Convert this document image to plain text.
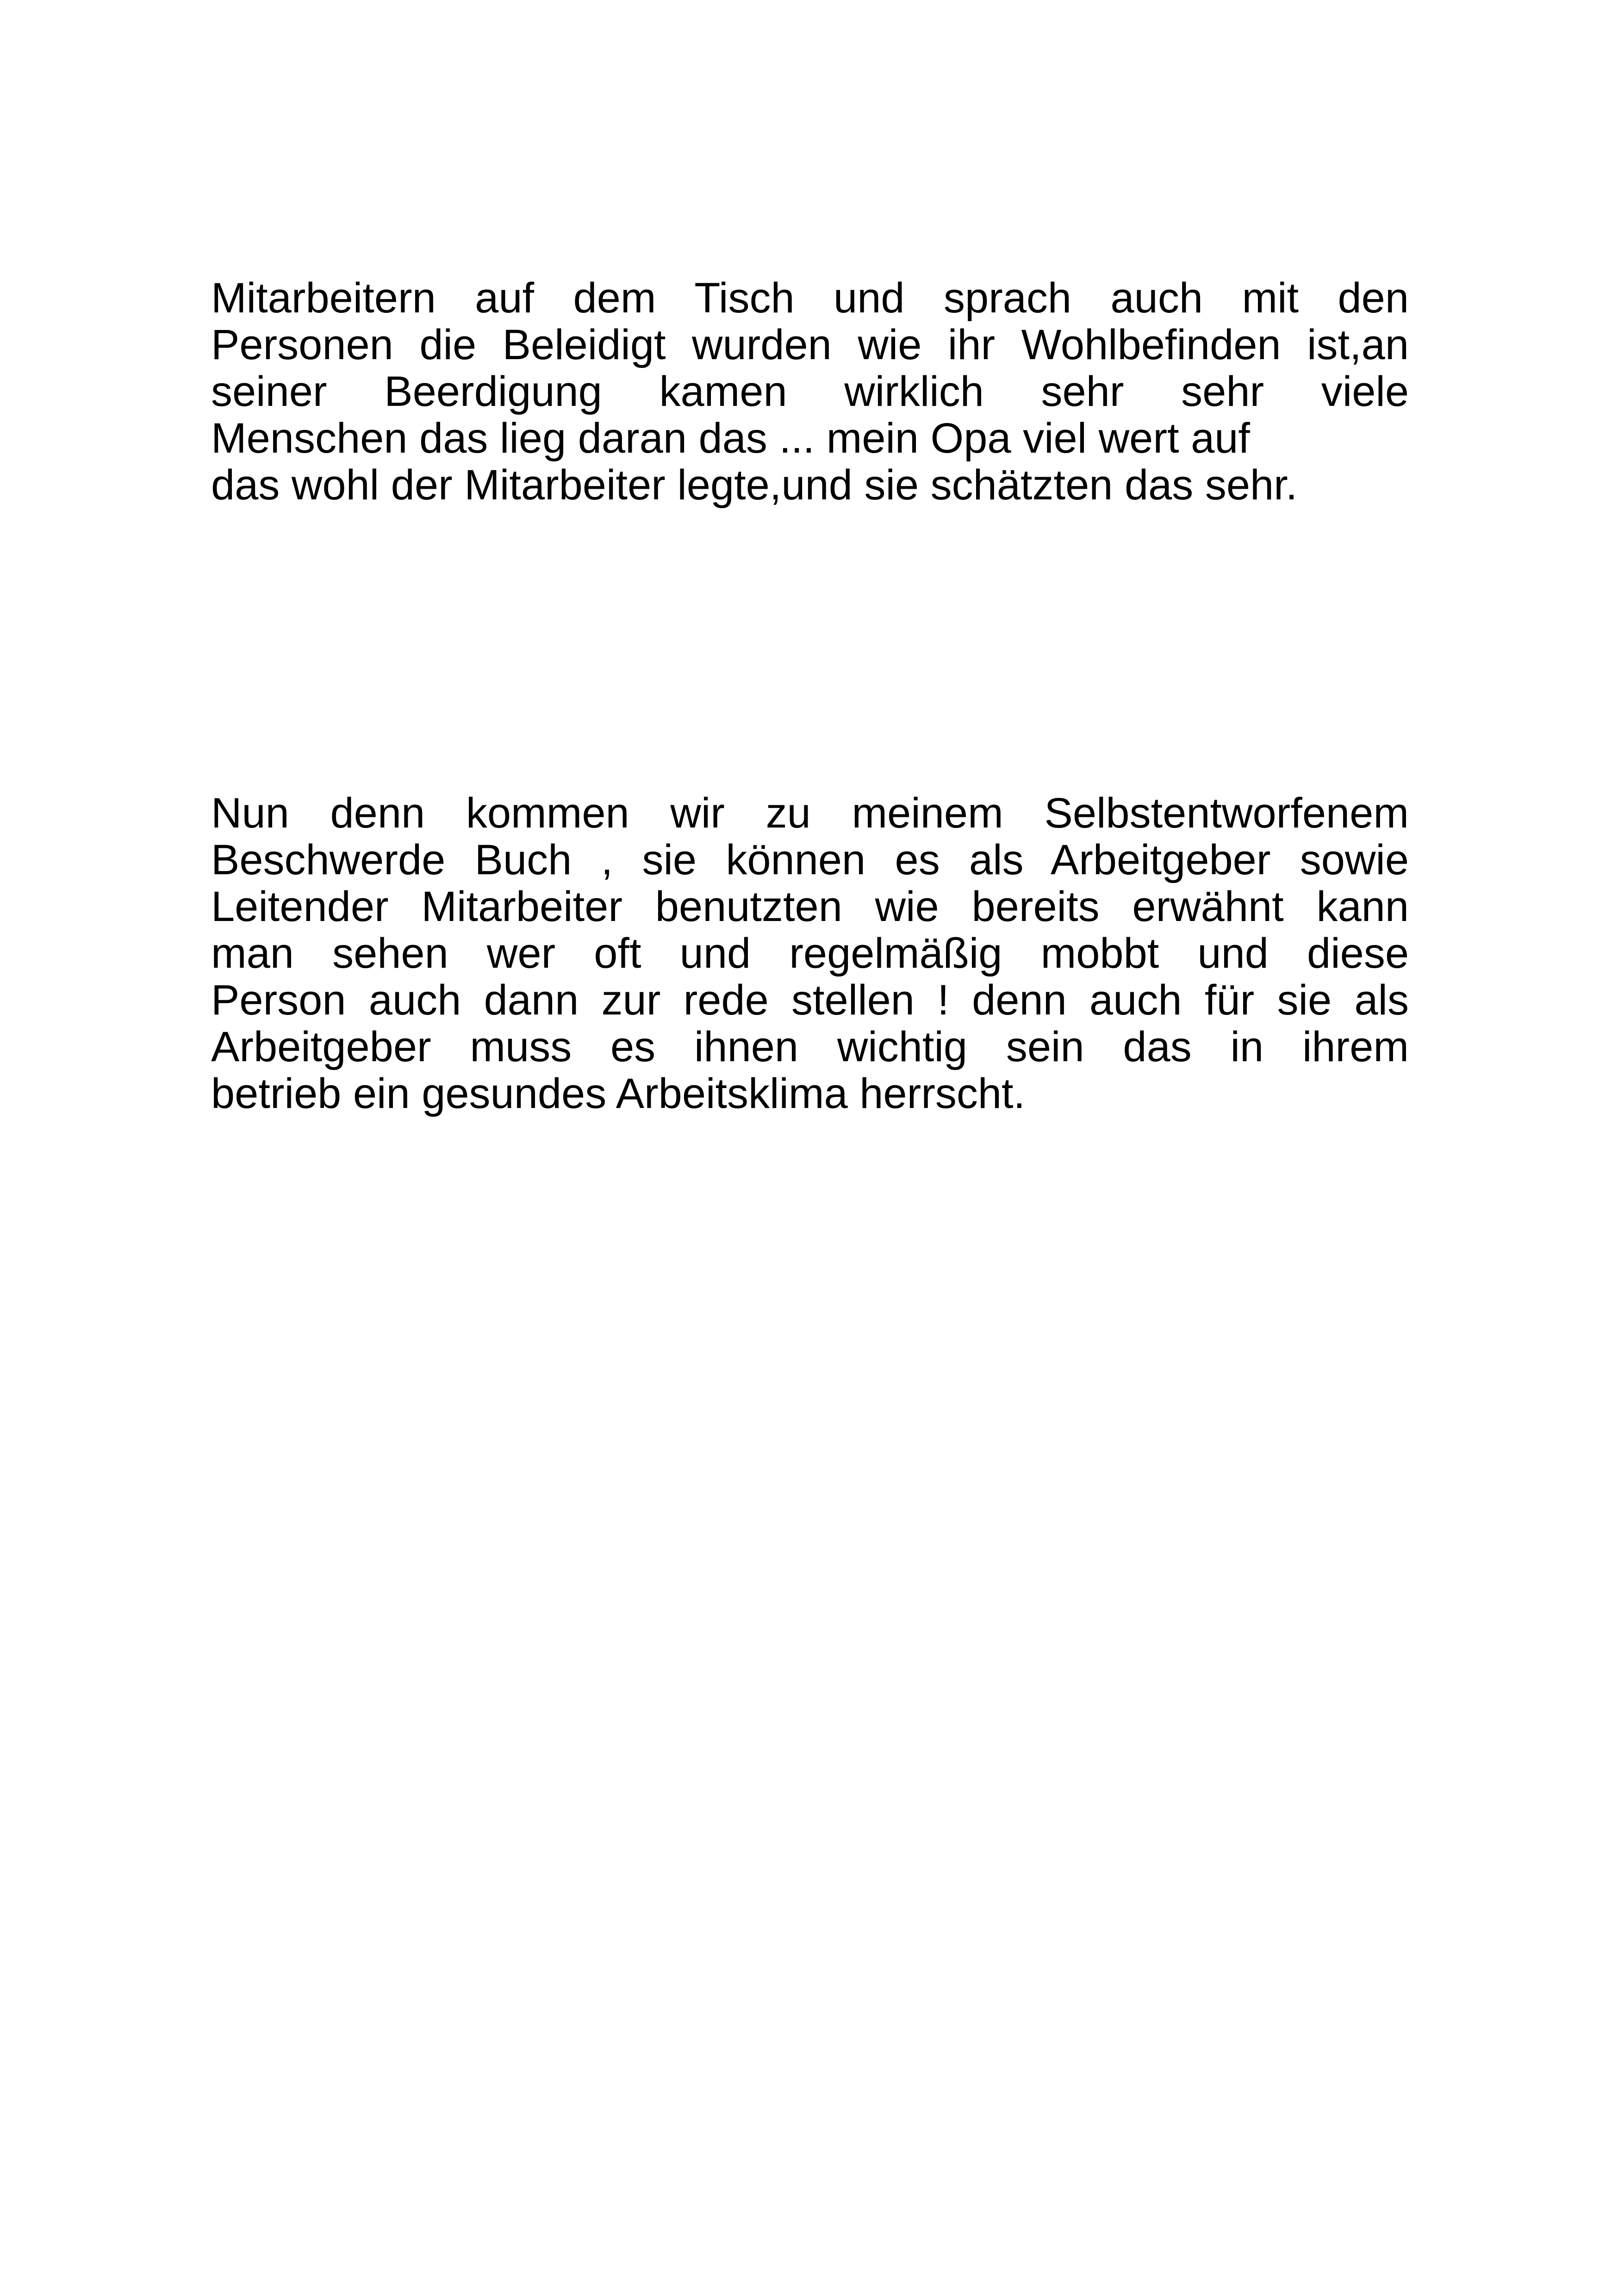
Mitarbeitern auf dem Tisch und sprach auch mit den
Personen die Beleidigt wurden wie ihr Wohlbefinden ist,an
seiner Beerdigung kamen wirklich sehr sehr viele
Menschen das lieg daran das ... mein Opa viel wert auf
das wohl der Mitarbeiter legte,und sie schätzten das sehr.
Nun denn kommen wir zu meinem Selbstentworfenem
Beschwerde Buch , sie können es als Arbeitgeber sowie
Leitender Mitarbeiter benutzten wie bereits erwähnt kann
man sehen wer oft und regelmäßig mobbt und diese
Person auch dann zur rede stellen ! denn auch für sie als
Arbeitgeber muss es ihnen wichtig sein das in ihrem
betrieb ein gesundes Arbeitsklima herrscht.
